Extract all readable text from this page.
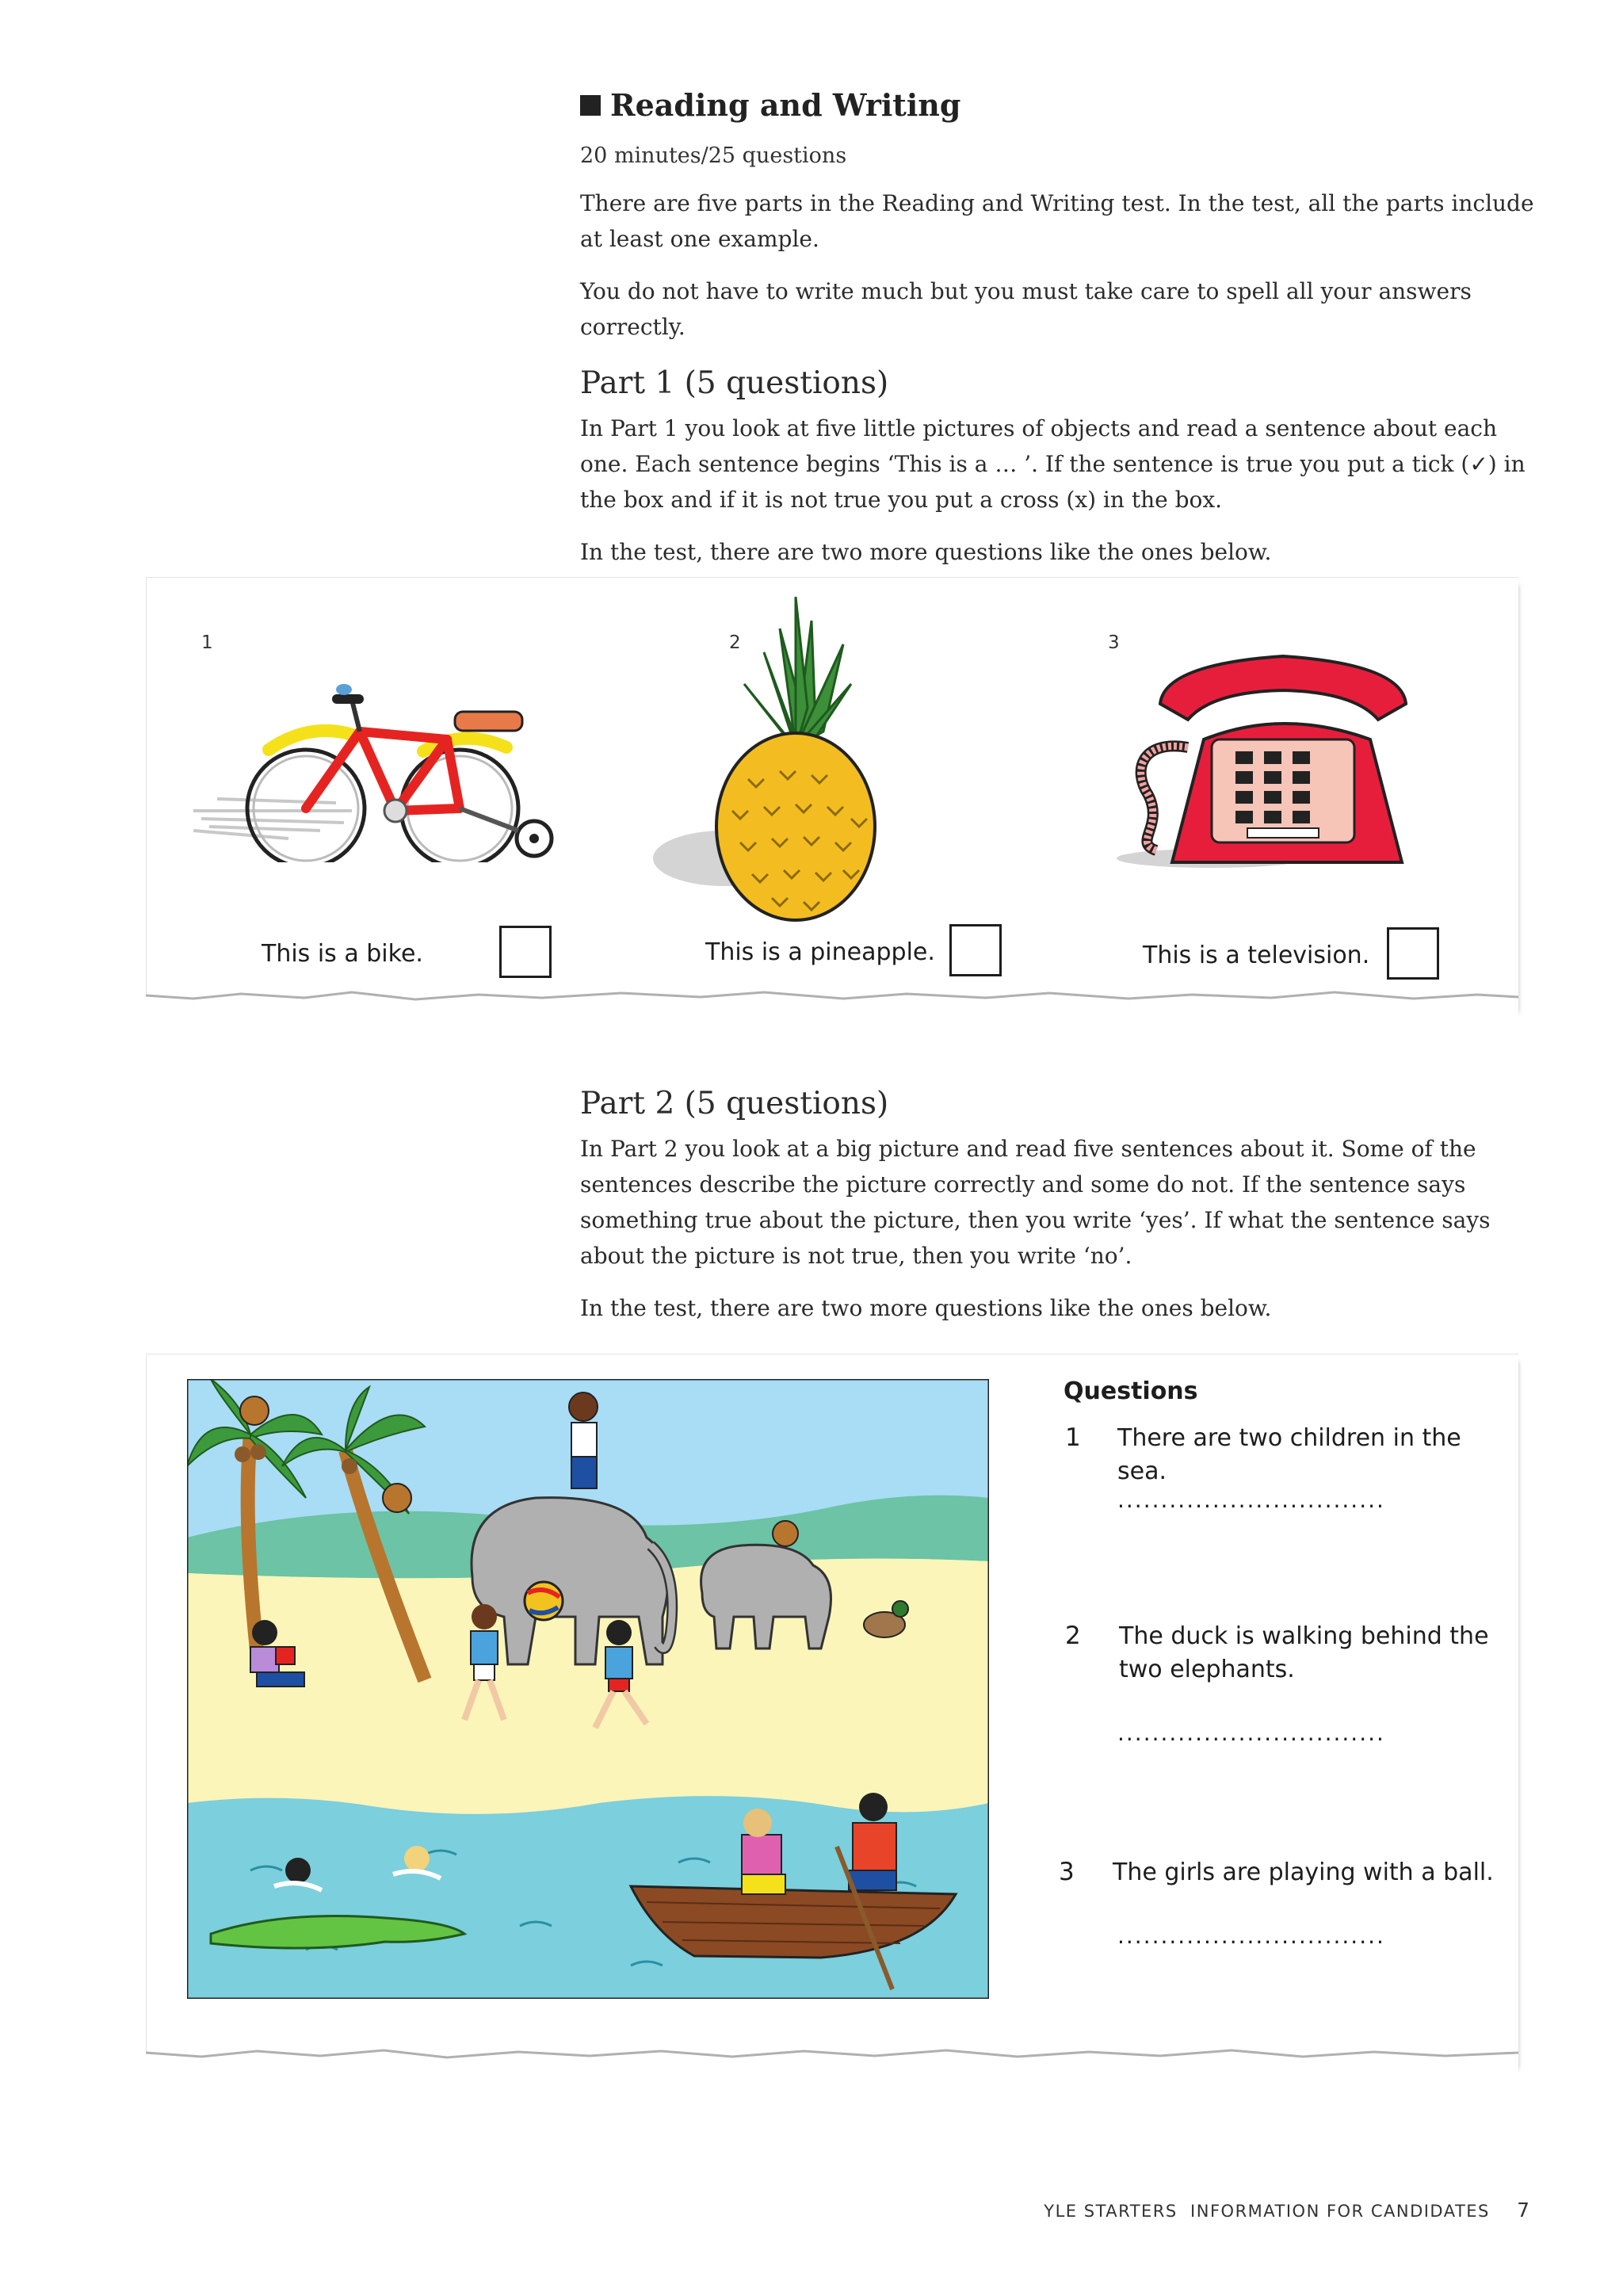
Reading and Writing
20 minutes/25 questions
There are five parts in the Reading and Writing test. In the test, all the parts include at least one example.
You do not have to write much but you must take care to spell all your answers correctly.
Part 1 (5 questions)
In Part 1 you look at five little pictures of objects and read a sentence about each one. Each sentence begins ‘This is a … ’. If the sentence is true you put a tick (✓) in the box and if it is not true you put a cross (x) in the box.
In the test, there are two more questions like the ones below.
1
This is a bike.
2
This is a pineapple.
3
This is a television.
Part 2 (5 questions)
In Part 2 you look at a big picture and read five sentences about it. Some of the sentences describe the picture correctly and some do not. If the sentence says something true about the picture, then you write ‘yes’. If what the sentence says about the picture is not true, then you write ‘no’.
In the test, there are two more questions like the ones below.
Questions
1 There are two children in the sea.
...............................
2 The duck is walking behind the two elephants.
...............................
3 The girls are playing with a ball.
...............................
YLE STARTERS  INFORMATION FOR CANDIDATES 7
